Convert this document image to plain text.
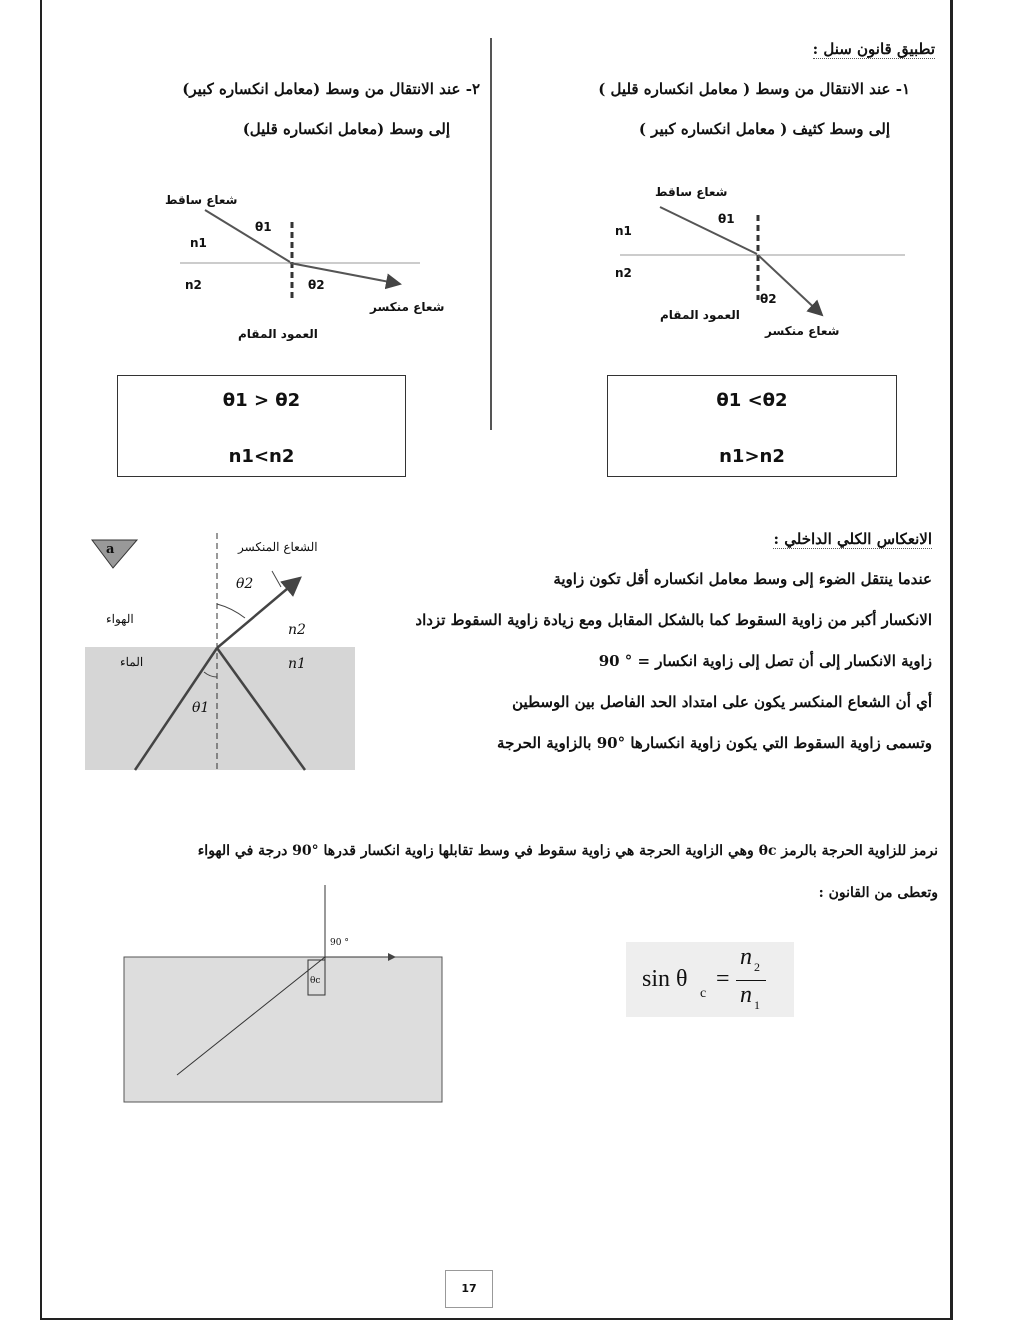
تطبيق قانون سنل :
١- عند الانتقال من وسط ( معامل انكساره قليل )
إلى وسط كثيف ( معامل انكساره كبير )
٢- عند الانتقال من وسط (معامل انكساره كبير)
إلى وسط (معامل انكساره قليل)
شعاع ساقط
θ1
n1
n2	θ2
شعاع منكسر
العمود المقام
شعاع ساقط
θ1
n1
n2
θ2
العمود المقام
شعاع منكسر
θ1 > θ2
n1<n2
θ1 <θ2
n1>n2
الانعكاس الكلي الداخلي :
عندما ينتقل الضوء إلى وسط معامل انكساره أقل تكون زاوية
الانكسار أكبر من زاوية السقوط كما بالشكل المقابل ومع زيادة زاوية السقوط تزداد
زاوية الانكسار إلى أن تصل إلى زاوية انكسار = ° 90
أي أن الشعاع المنكسر يكون على امتداد الحد الفاصل بين الوسطين
وتسمى زاوية السقوط التي يكون زاوية انكسارها °90 بالزاوية الحرجة
a	الشعاع المنكسر
الهواء
الماء
θ2
θ1
n2
n1
نرمز للزاوية الحرجة بالرمز θc وهي الزاوية الحرجة هي زاوية سقوط في وسط تقابلها زاوية انكسار قدرها °90 درجة في الهواء
وتعطى من القانون :
90 °
θc	sin θ
c
=
n 2
n 1
17
